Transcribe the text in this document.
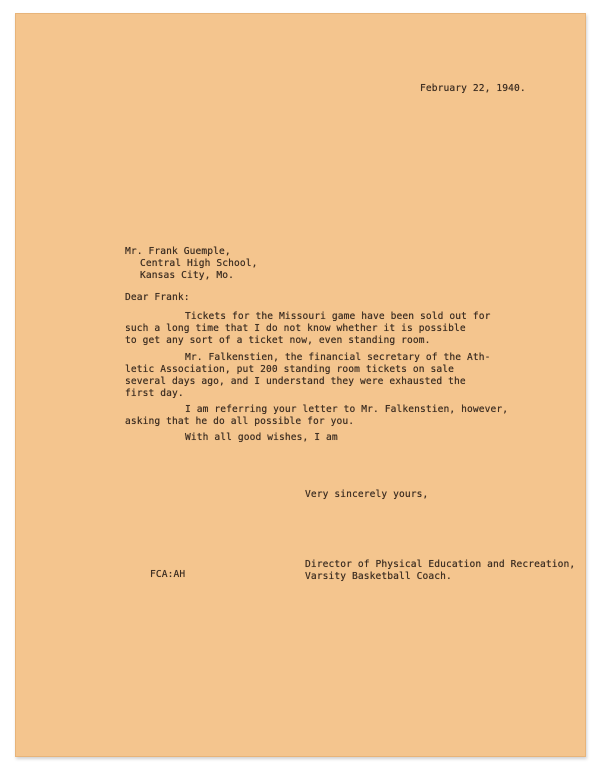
February 22, 1940.
Mr. Frank Guemple,
Central High School,
Kansas City, Mo.
Dear Frank:
Tickets for the Missouri game have been sold out for
such a long time that I do not know whether it is possible
to get any sort of a ticket now, even standing room.
Mr. Falkenstien, the financial secretary of the Ath-
letic Association, put 200 standing room tickets on sale
several days ago, and I understand they were exhausted the
first day.
I am referring your letter to Mr. Falkenstien, however,
asking that he do all possible for you.
With all good wishes, I am
Very sincerely yours,
Director of Physical Education and Recreation,
Varsity Basketball Coach.
FCA:AH
